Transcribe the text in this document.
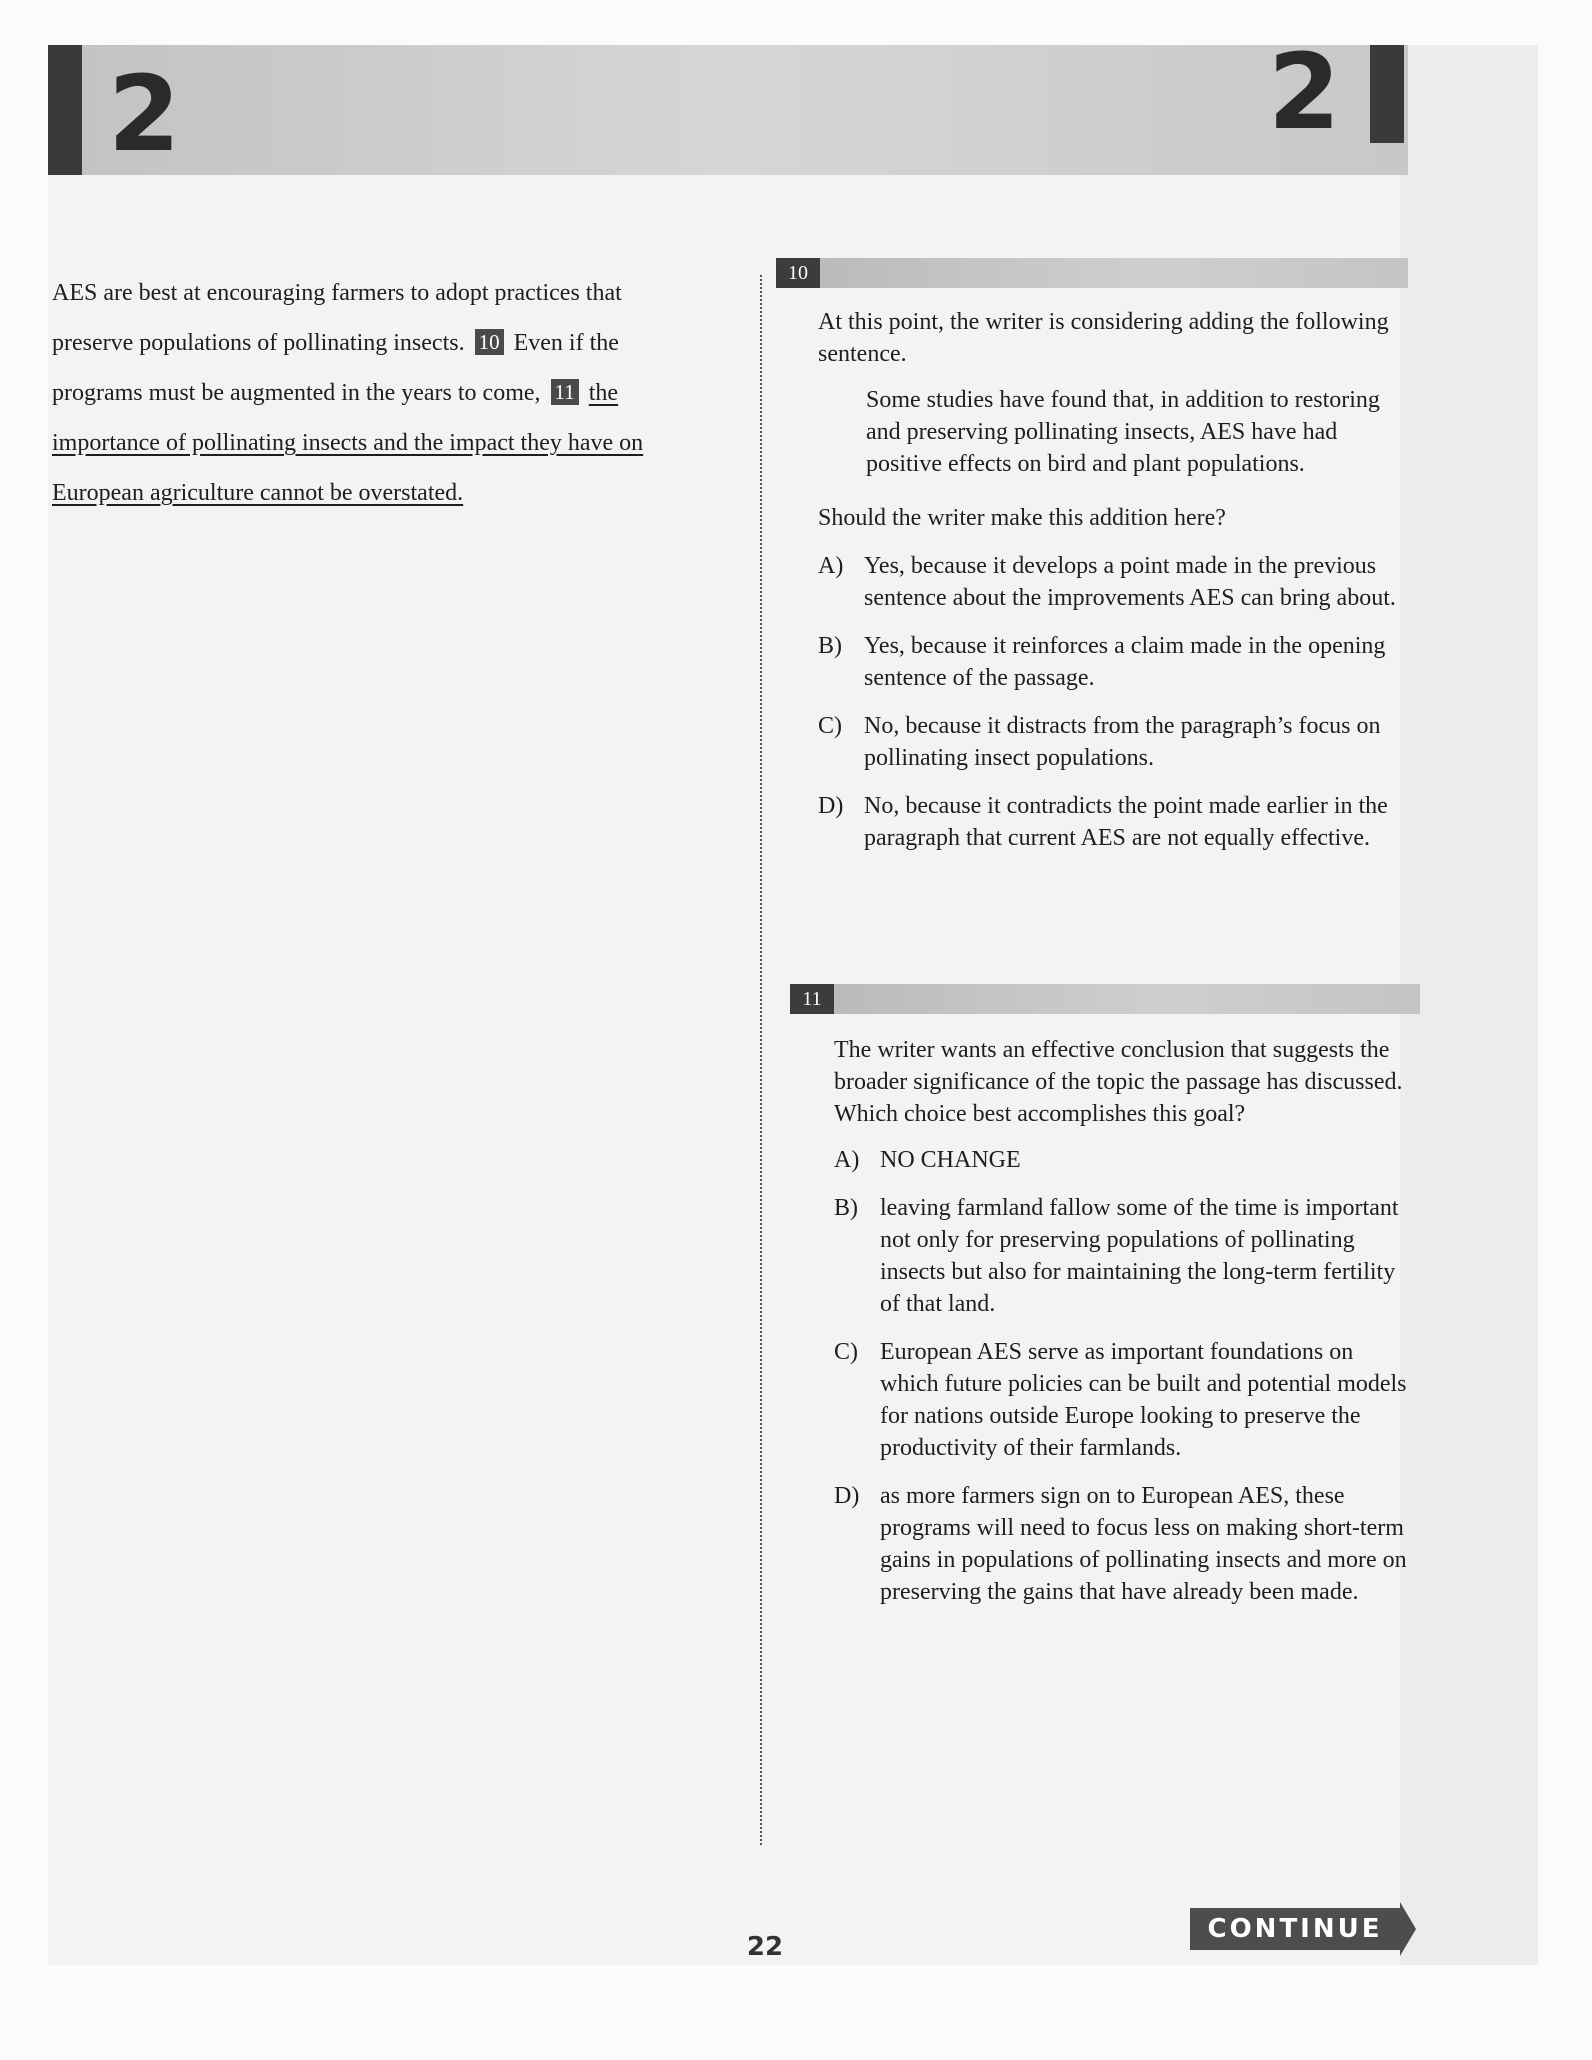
2	2

AES are best at encouraging farmers to adopt practices that preserve populations of pollinating insects. 10 Even if the programs must be augmented in the years to come, 11 the importance of pollinating insects and the impact they have on European agriculture cannot be overstated.

10

At this point, the writer is considering adding the following sentence.

Some studies have found that, in addition to restoring and preserving pollinating insects, AES have had positive effects on bird and plant populations.

Should the writer make this addition here?

A) Yes, because it develops a point made in the previous sentence about the improvements AES can bring about.
B) Yes, because it reinforces a claim made in the opening sentence of the passage.
C) No, because it distracts from the paragraph’s focus on pollinating insect populations.
D) No, because it contradicts the point made earlier in the paragraph that current AES are not equally effective.
11

The writer wants an effective conclusion that suggests the broader significance of the topic the passage has discussed. Which choice best accomplishes this goal?

A) NO CHANGE
B) leaving farmland fallow some of the time is important not only for preserving populations of pollinating insects but also for maintaining the long-term fertility of that land.
C) European AES serve as important foundations on which future policies can be built and potential models for nations outside Europe looking to preserve the productivity of their farmlands.
D) as more farmers sign on to European AES, these programs will need to focus less on making short-term gains in populations of pollinating insects and more on preserving the gains that have already been made.
22
CONTINUE
